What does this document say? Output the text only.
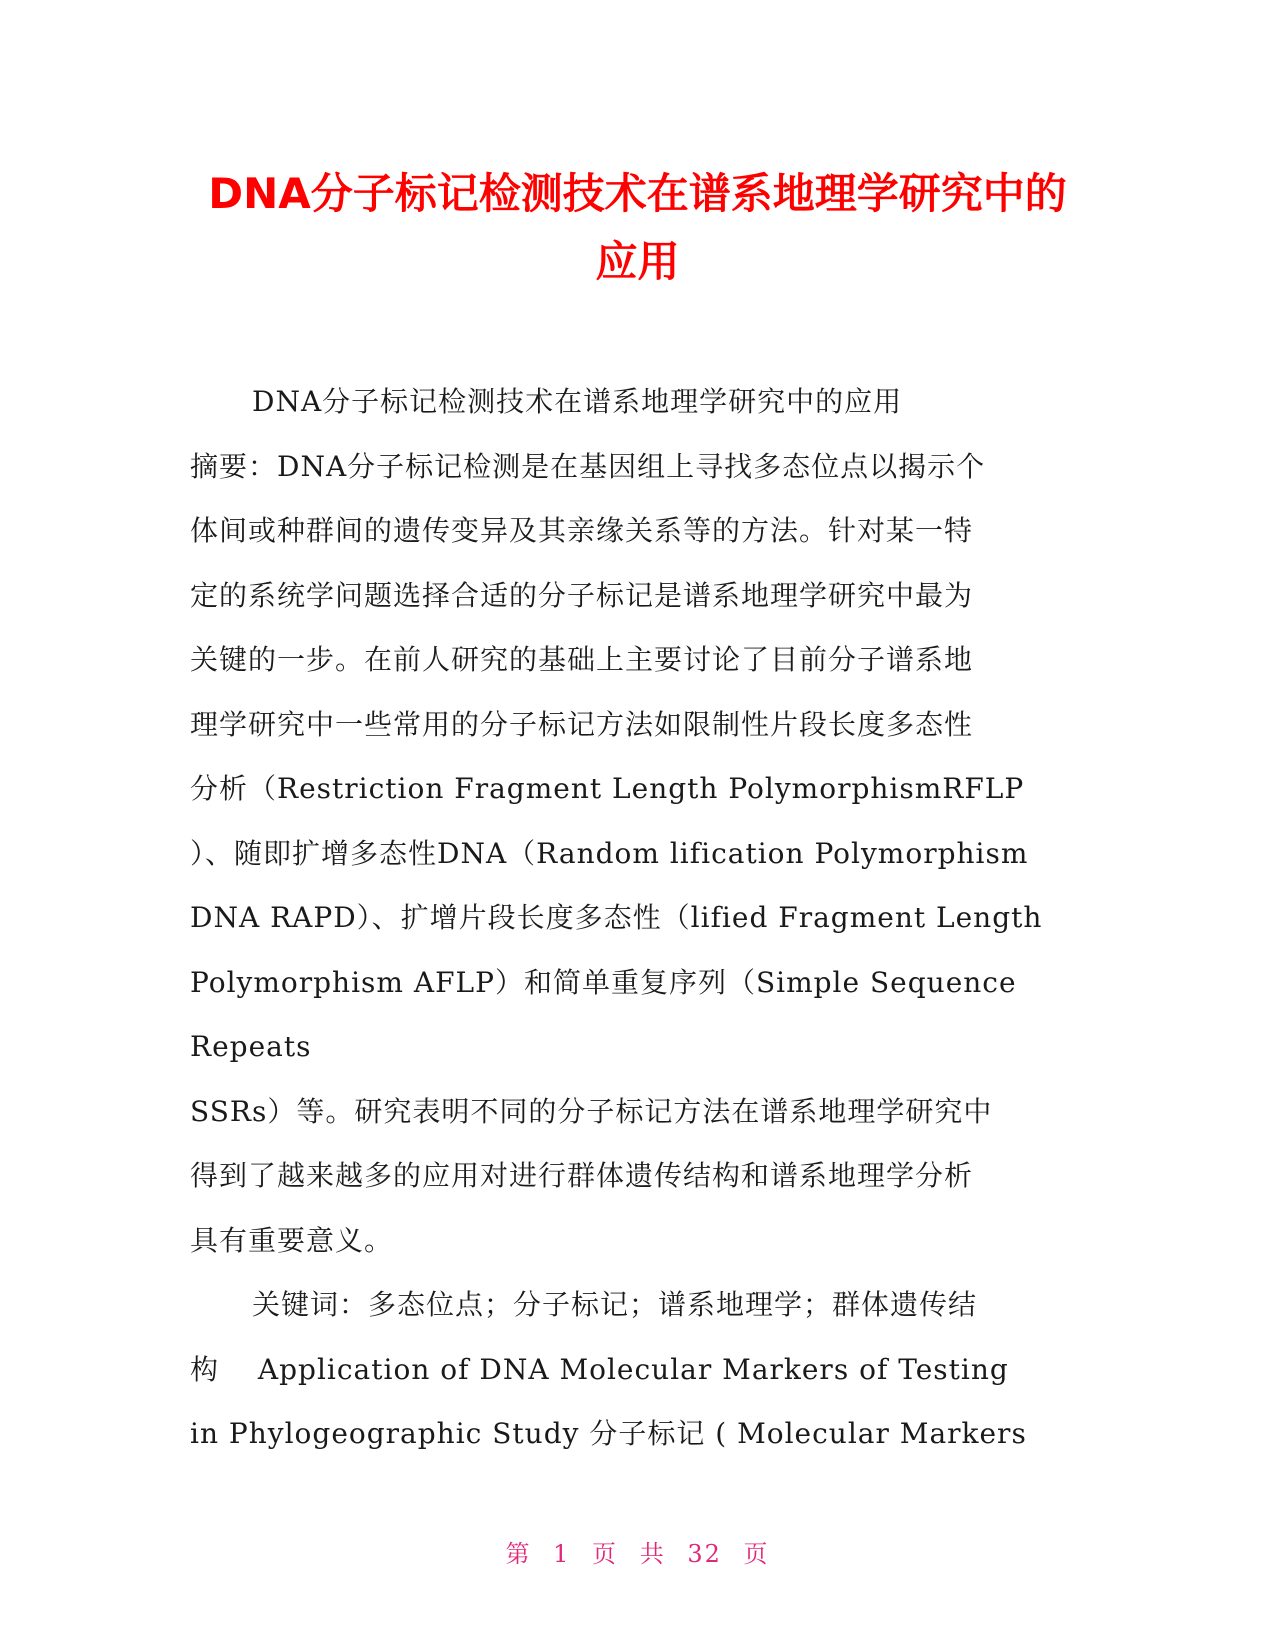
DNA分子标记检测技术在谱系地理学研究中的
应用
DNA分子标记检测技术在谱系地理学研究中的应用
摘要：DNA分子标记检测是在基因组上寻找多态位点以揭示个
体间或种群间的遗传变异及其亲缘关系等的方法。针对某一特
定的系统学问题选择合适的分子标记是谱系地理学研究中最为
关键的一步。在前人研究的基础上主要讨论了目前分子谱系地
理学研究中一些常用的分子标记方法如限制性片段长度多态性
分析（Restriction Fragment Length PolymorphismRFLP
）、随即扩增多态性DNA（Random lification Polymorphism
DNA RAPD）、扩增片段长度多态性（lified Fragment Length
Polymorphism AFLP）和简单重复序列（Simple Sequence
Repeats
SSRs）等。研究表明不同的分子标记方法在谱系地理学研究中
得到了越来越多的应用对进行群体遗传结构和谱系地理学分析
具有重要意义。
关键词：多态位点；分子标记；谱系地理学；群体遗传结
构　 Application of DNA Molecular Markers of Testing
in Phylogeographic Study 分子标记 ( Molecular Markers
第 1 页 共 32 页
